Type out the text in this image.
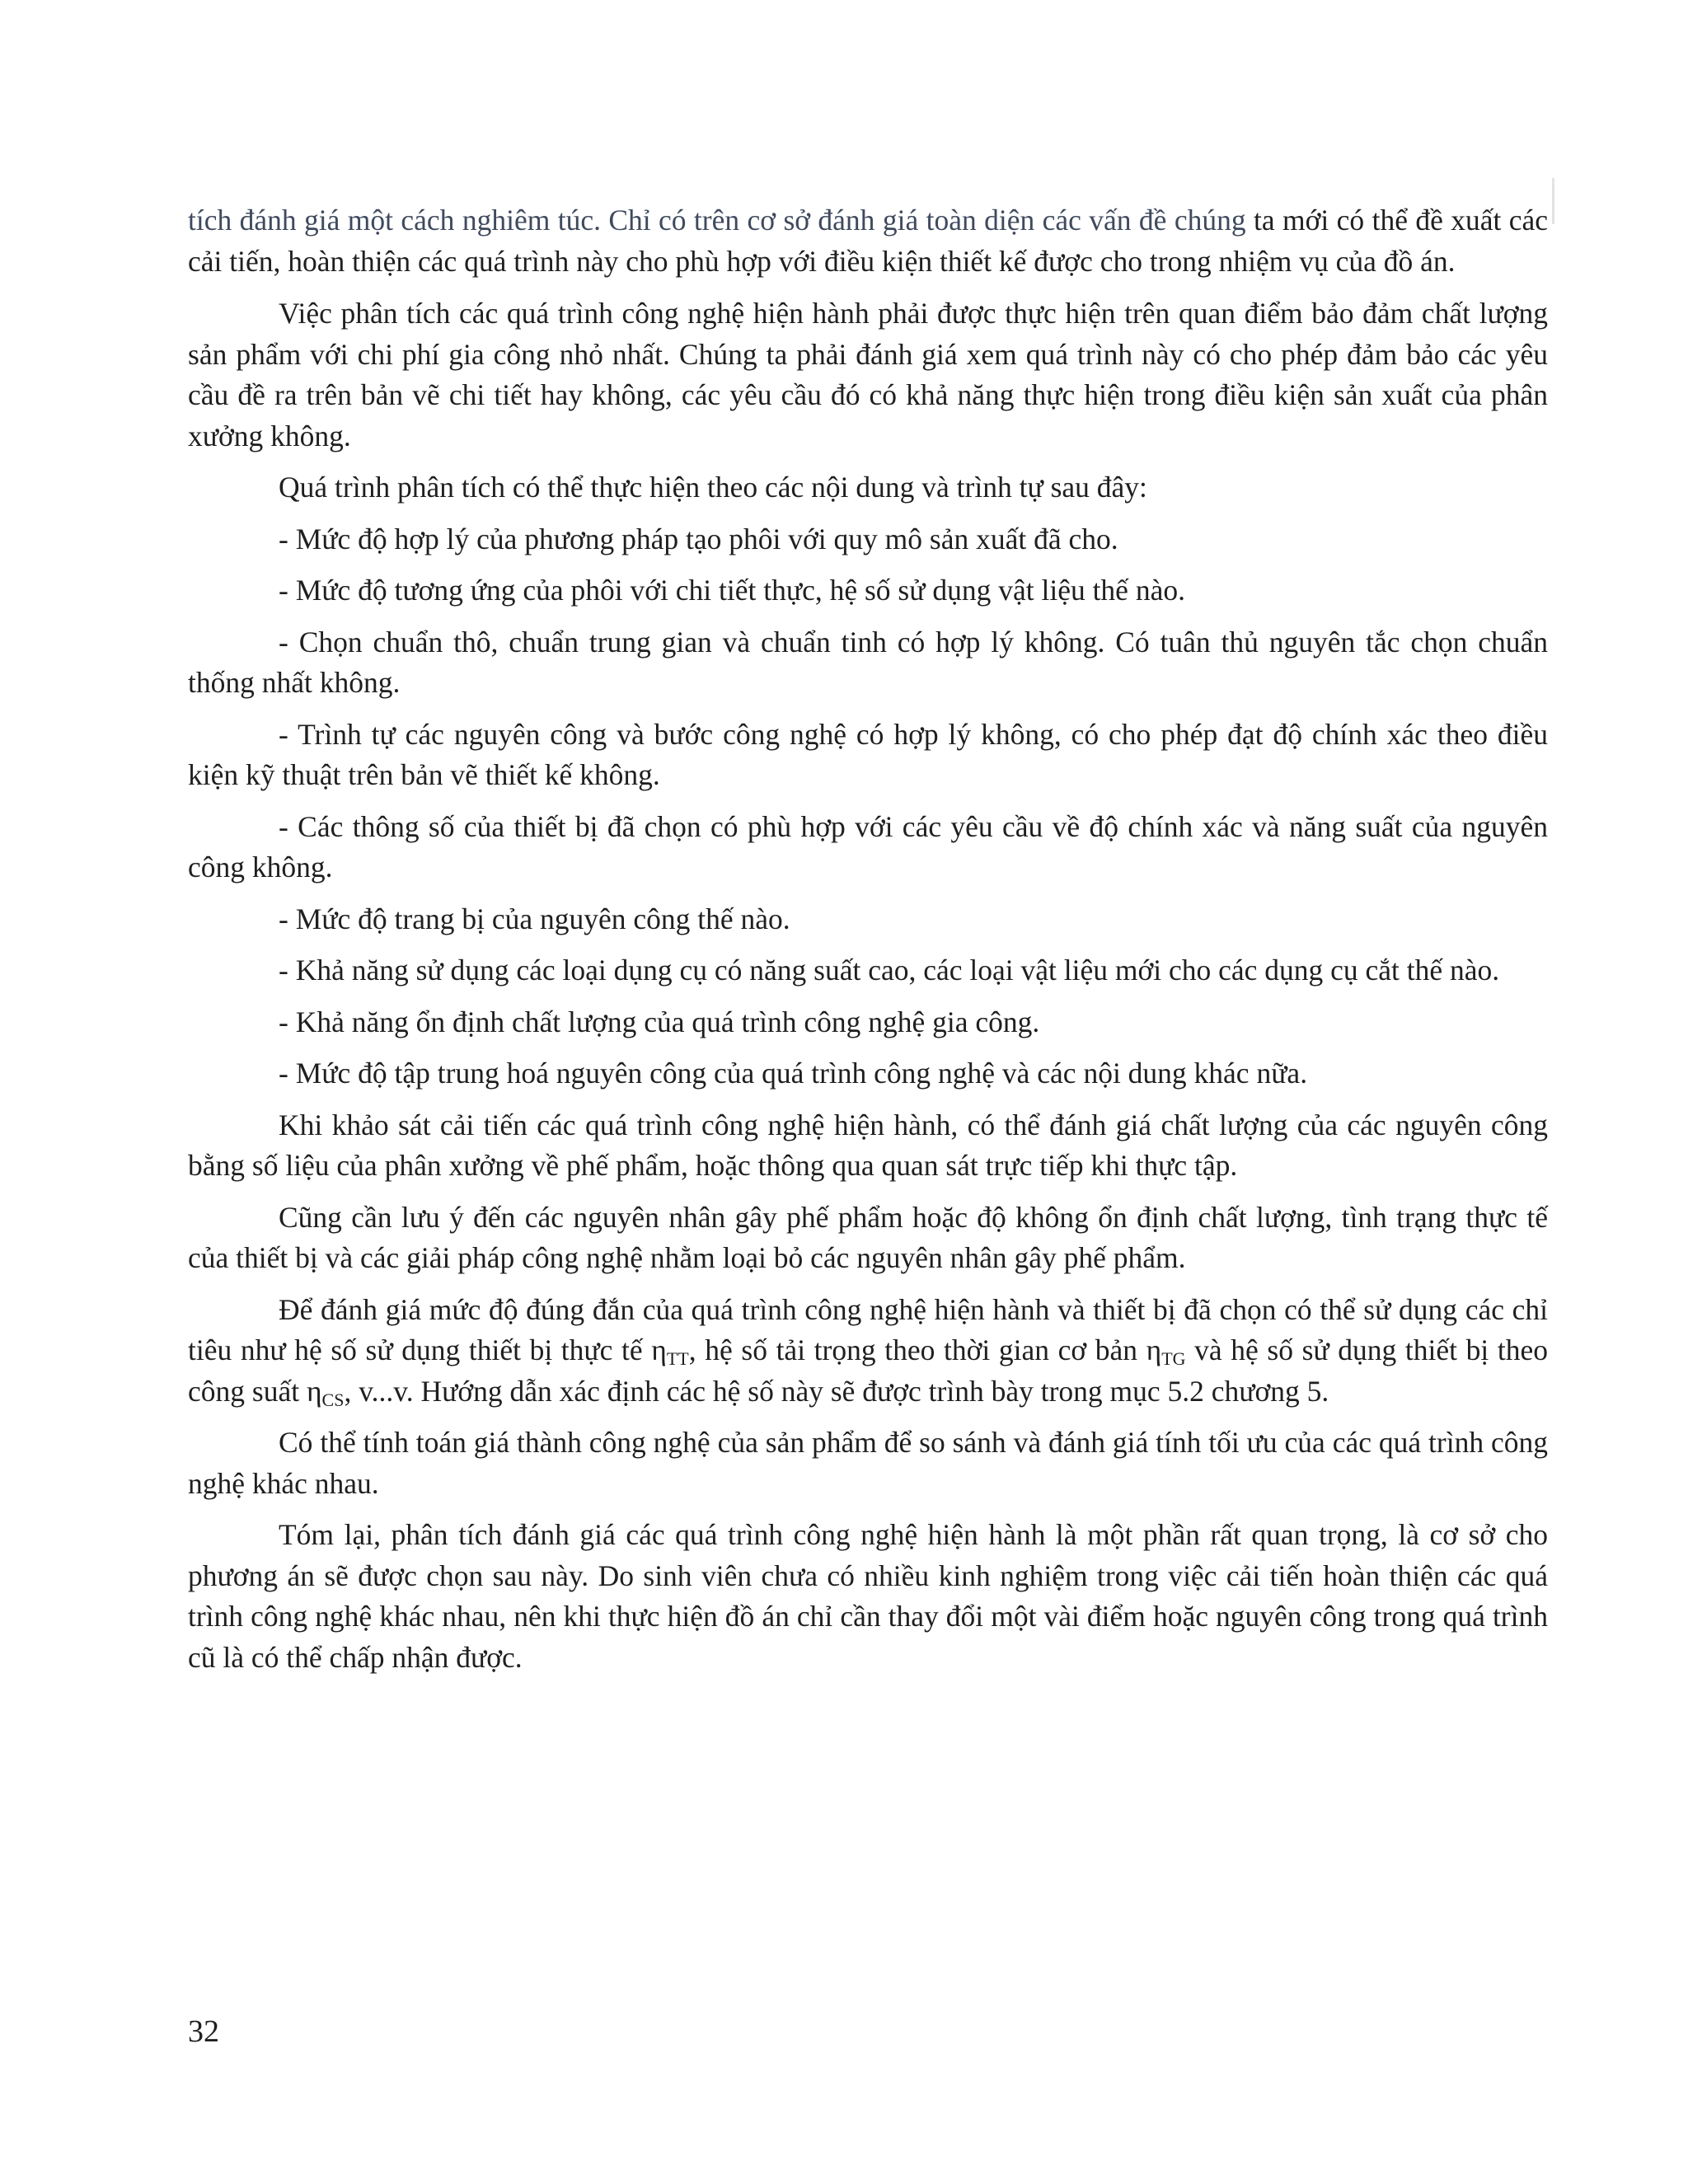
tích đánh giá một cách nghiêm túc. Chỉ có trên cơ sở đánh giá toàn diện các vấn đề chúng ta mới có thể đề xuất các cải tiến, hoàn thiện các quá trình này cho phù hợp với điều kiện thiết kế được cho trong nhiệm vụ của đồ án.

Việc phân tích các quá trình công nghệ hiện hành phải được thực hiện trên quan điểm bảo đảm chất lượng sản phẩm với chi phí gia công nhỏ nhất. Chúng ta phải đánh giá xem quá trình này có cho phép đảm bảo các yêu cầu đề ra trên bản vẽ chi tiết hay không, các yêu cầu đó có khả năng thực hiện trong điều kiện sản xuất của phân xưởng không.

Quá trình phân tích có thể thực hiện theo các nội dung và trình tự sau đây:

- Mức độ hợp lý của phương pháp tạo phôi với quy mô sản xuất đã cho.

- Mức độ tương ứng của phôi với chi tiết thực, hệ số sử dụng vật liệu thế nào.

- Chọn chuẩn thô, chuẩn trung gian và chuẩn tinh có hợp lý không. Có tuân thủ nguyên tắc chọn chuẩn thống nhất không.

- Trình tự các nguyên công và bước công nghệ có hợp lý không, có cho phép đạt độ chính xác theo điều kiện kỹ thuật trên bản vẽ thiết kế không.

- Các thông số của thiết bị đã chọn có phù hợp với các yêu cầu về độ chính xác và năng suất của nguyên công không.

- Mức độ trang bị của nguyên công thế nào.

- Khả năng sử dụng các loại dụng cụ có năng suất cao, các loại vật liệu mới cho các dụng cụ cắt thế nào.

- Khả năng ổn định chất lượng của quá trình công nghệ gia công.

- Mức độ tập trung hoá nguyên công của quá trình công nghệ và các nội dung khác nữa.

Khi khảo sát cải tiến các quá trình công nghệ hiện hành, có thể đánh giá chất lượng của các nguyên công bằng số liệu của phân xưởng về phế phẩm, hoặc thông qua quan sát trực tiếp khi thực tập.

Cũng cần lưu ý đến các nguyên nhân gây phế phẩm hoặc độ không ổn định chất lượng, tình trạng thực tế của thiết bị và các giải pháp công nghệ nhằm loại bỏ các nguyên nhân gây phế phẩm.

Để đánh giá mức độ đúng đắn của quá trình công nghệ hiện hành và thiết bị đã chọn có thể sử dụng các chỉ tiêu như hệ số sử dụng thiết bị thực tế $\eta_{TT}$, hệ số tải trọng theo thời gian cơ bản $\eta_{TG}$ và hệ số sử dụng thiết bị theo công suất $\eta_{CS}$, v...v. Hướng dẫn xác định các hệ số này sẽ được trình bày trong mục 5.2 chương 5.

Có thể tính toán giá thành công nghệ của sản phẩm để so sánh và đánh giá tính tối ưu của các quá trình công nghệ khác nhau.

Tóm lại, phân tích đánh giá các quá trình công nghệ hiện hành là một phần rất quan trọng, là cơ sở cho phương án sẽ được chọn sau này. Do sinh viên chưa có nhiều kinh nghiệm trong việc cải tiến hoàn thiện các quá trình công nghệ khác nhau, nên khi thực hiện đồ án chỉ cần thay đổi một vài điểm hoặc nguyên công trong quá trình cũ là có thể chấp nhận được.

32
